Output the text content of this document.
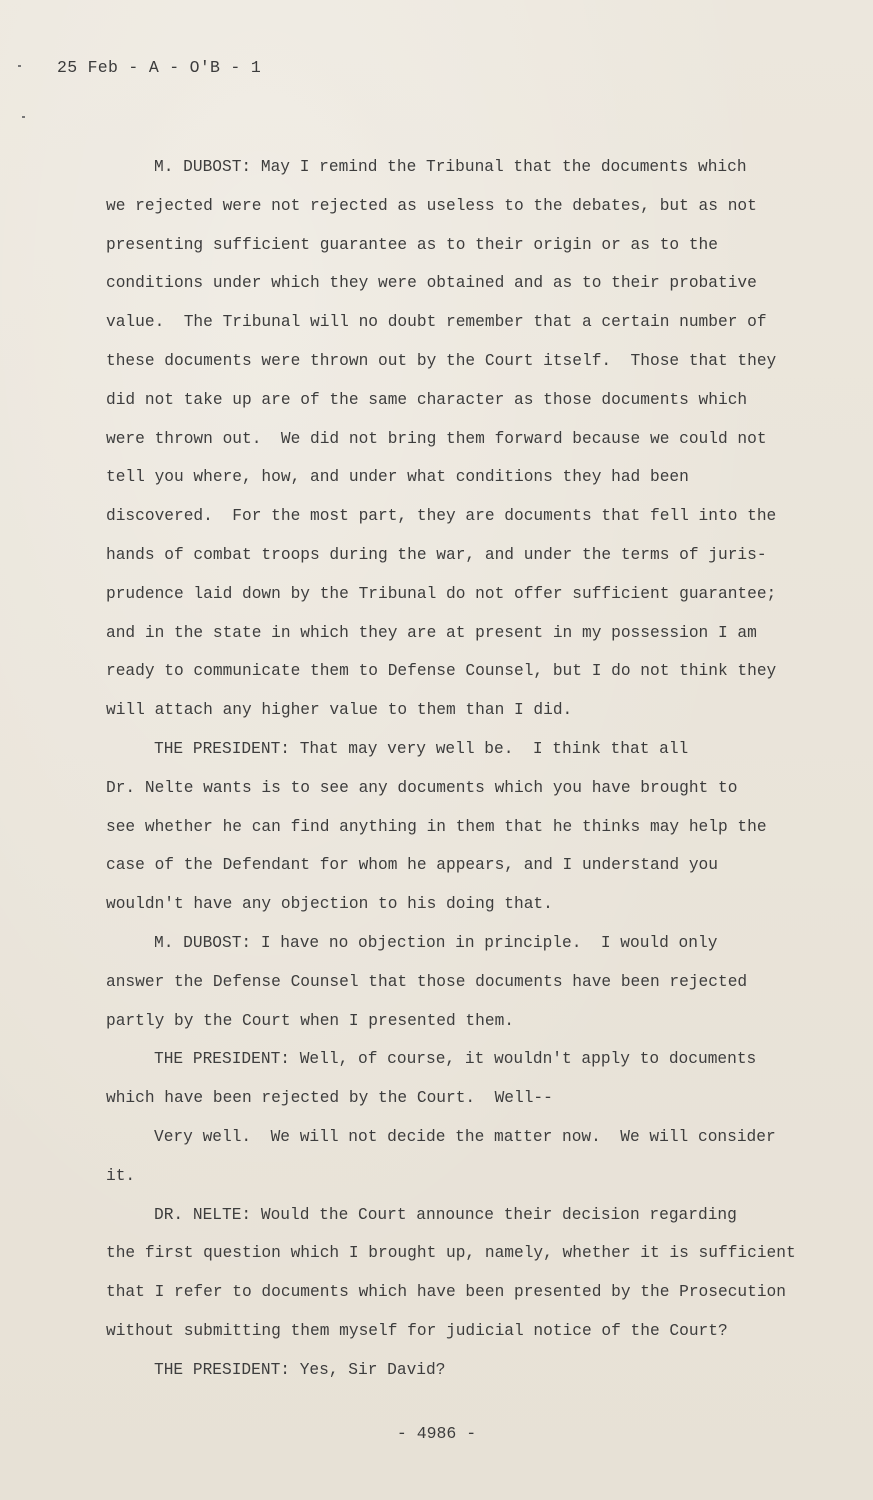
25 Feb - A - O'B - 1
M. DUBOST: May I remind the Tribunal that the documents which
we rejected were not rejected as useless to the debates, but as not
presenting sufficient guarantee as to their origin or as to the
conditions under which they were obtained and as to their probative
value.  The Tribunal will no doubt remember that a certain number of
these documents were thrown out by the Court itself.  Those that they
did not take up are of the same character as those documents which
were thrown out.  We did not bring them forward because we could not
tell you where, how, and under what conditions they had been
discovered.  For the most part, they are documents that fell into the
hands of combat troops during the war, and under the terms of juris-
prudence laid down by the Tribunal do not offer sufficient guarantee;
and in the state in which they are at present in my possession I am
ready to communicate them to Defense Counsel, but I do not think they
will attach any higher value to them than I did.
THE PRESIDENT: That may very well be.  I think that all
Dr. Nelte wants is to see any documents which you have brought to
see whether he can find anything in them that he thinks may help the
case of the Defendant for whom he appears, and I understand you
wouldn't have any objection to his doing that.
M. DUBOST: I have no objection in principle.  I would only
answer the Defense Counsel that those documents have been rejected
partly by the Court when I presented them.
THE PRESIDENT: Well, of course, it wouldn't apply to documents
which have been rejected by the Court.  Well--
Very well.  We will not decide the matter now.  We will consider
it.
DR. NELTE: Would the Court announce their decision regarding
the first question which I brought up, namely, whether it is sufficient
that I refer to documents which have been presented by the Prosecution
without submitting them myself for judicial notice of the Court?
THE PRESIDENT: Yes, Sir David?
- 4986 -
